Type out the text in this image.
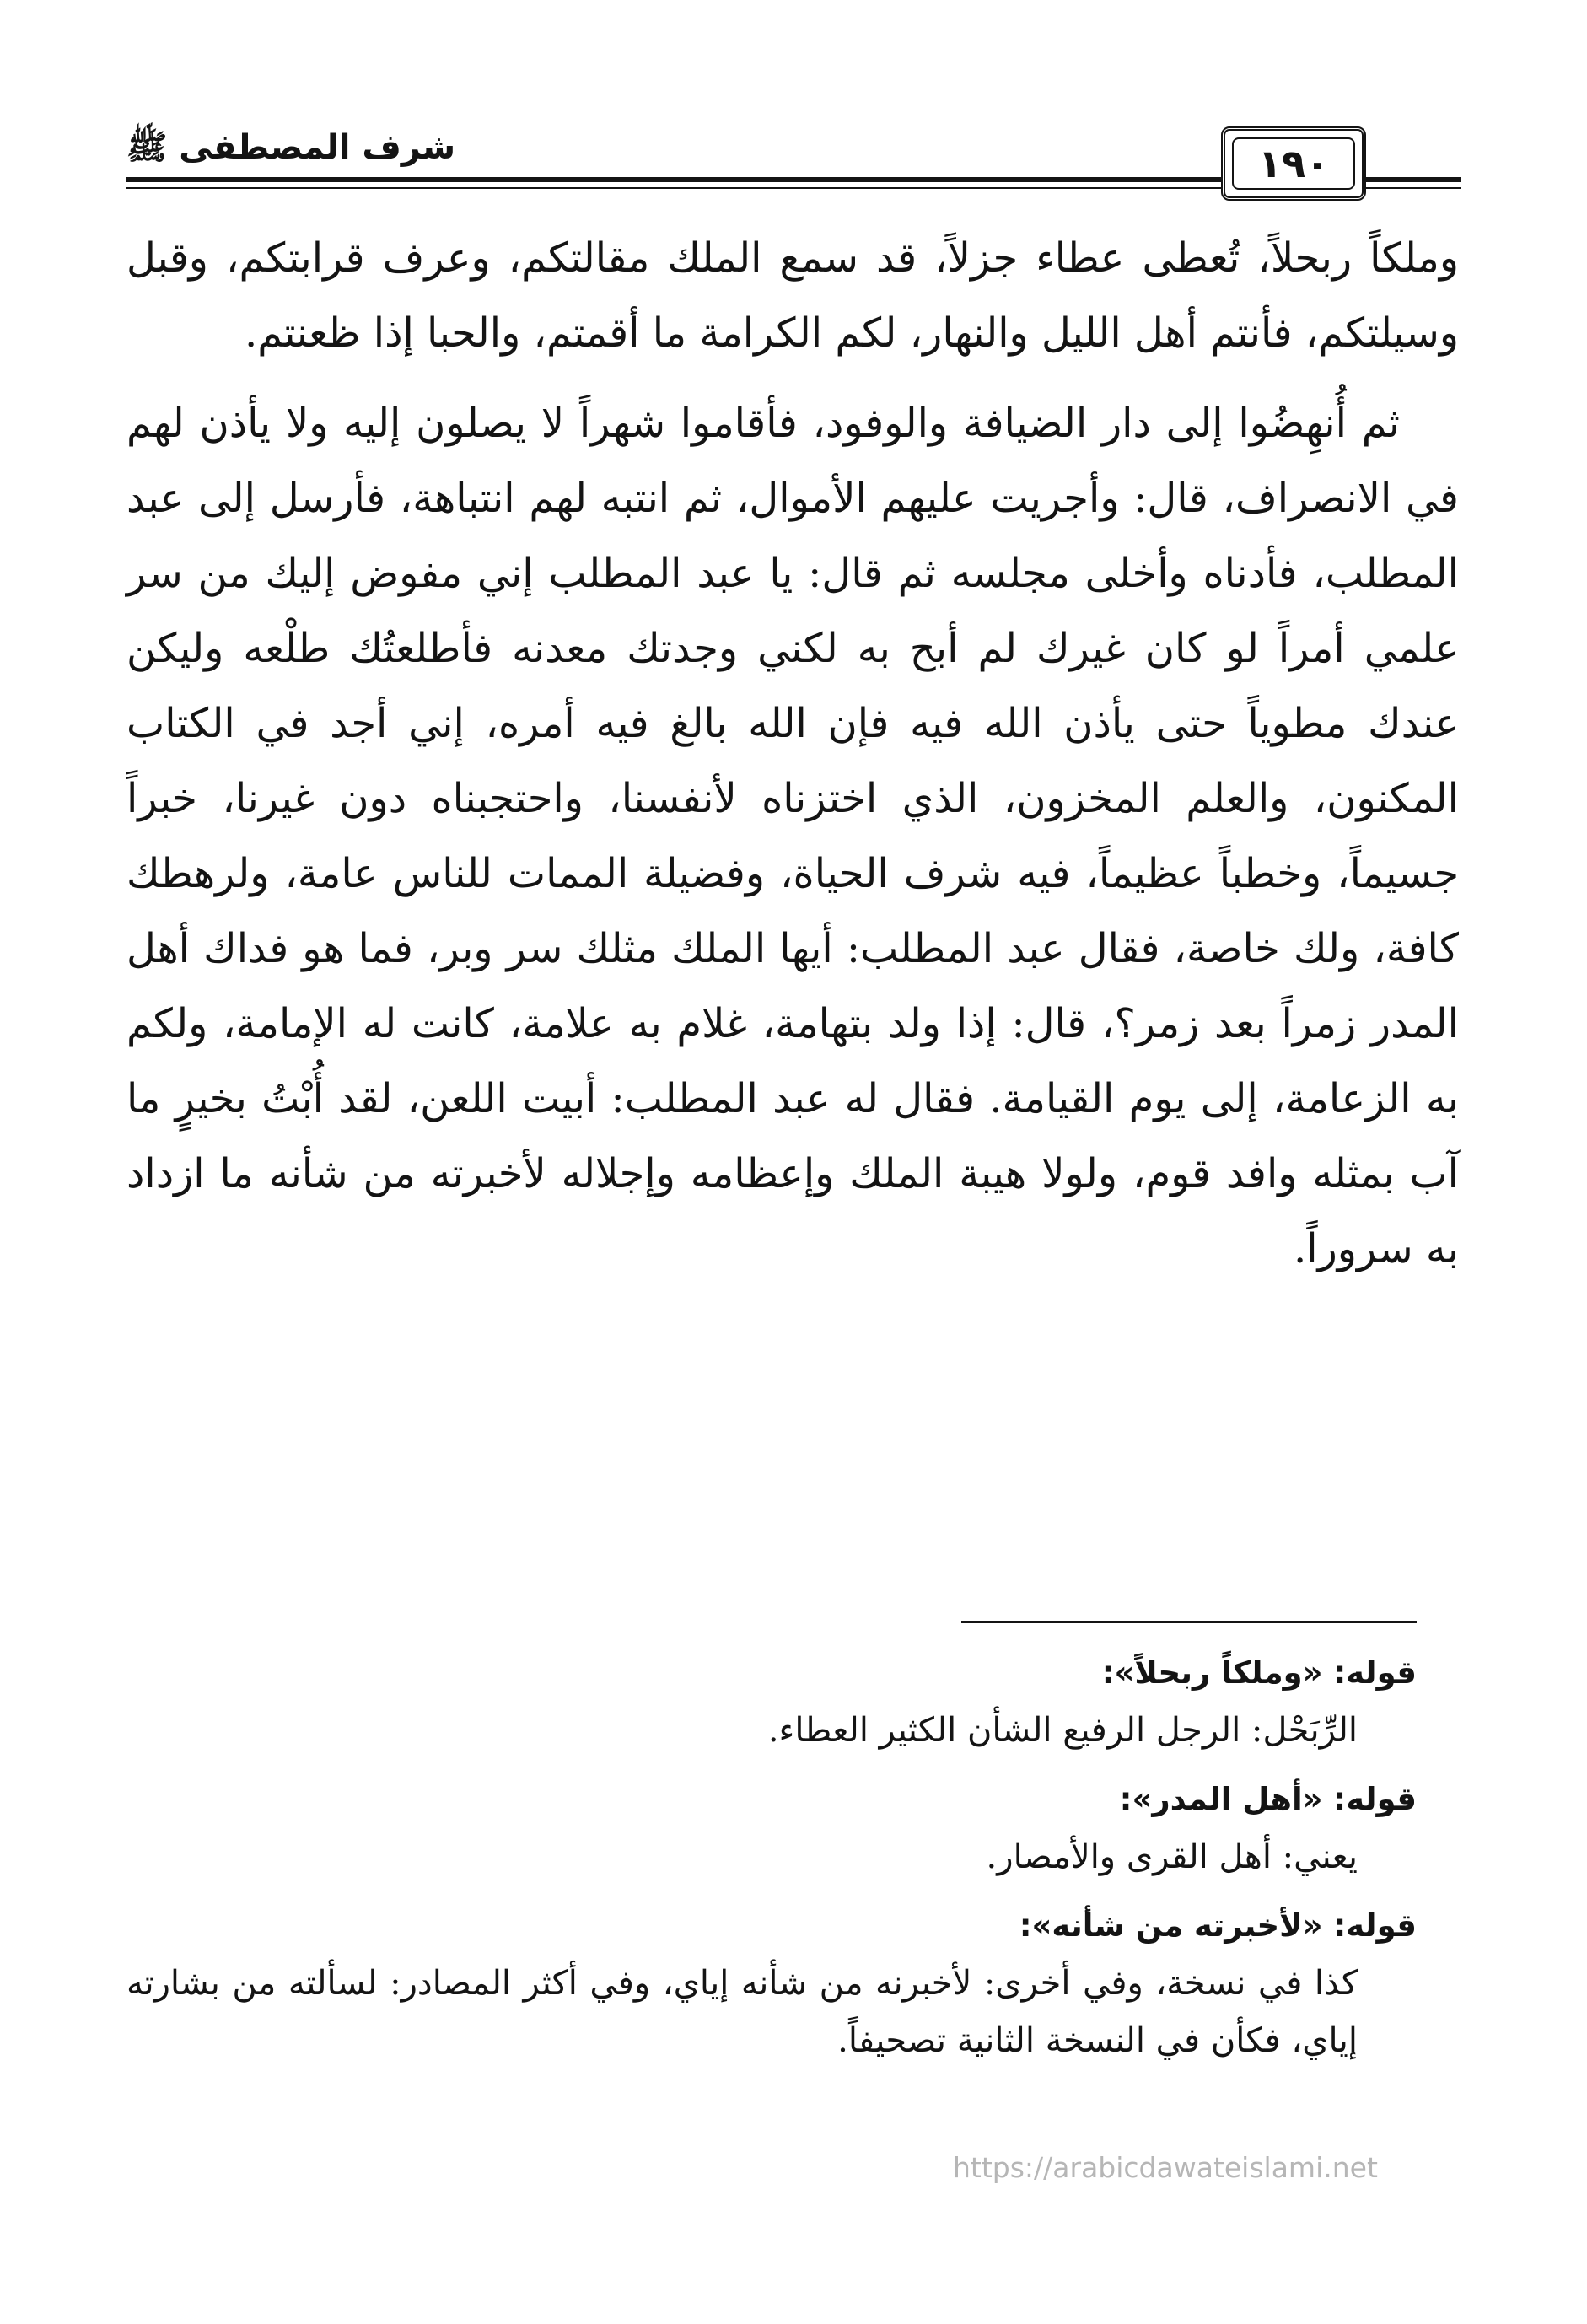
شرف المصطفى ﷺ	١٩٠

وملكاً ربحلاً، تُعطى عطاء جزلاً، قد سمع الملك مقالتكم، وعرف قرابتكم، وقبل وسيلتكم، فأنتم أهل الليل والنهار، لكم الكرامة ما أقمتم، والحبا إذا ظعنتم.

ثم أُنهِضُوا إلى دار الضيافة والوفود، فأقاموا شهراً لا يصلون إليه ولا يأذن لهم في الانصراف، قال: وأجريت عليهم الأموال، ثم انتبه لهم انتباهة، فأرسل إلى عبد المطلب، فأدناه وأخلى مجلسه ثم قال: يا عبد المطلب إني مفوض إليك من سر علمي أمراً لو كان غيرك لم أبح به لكني وجدتك معدنه فأطلعتُك طلْعه وليكن عندك مطوياً حتى يأذن الله فيه فإن الله بالغ فيه أمره، إني أجد في الكتاب المكنون، والعلم المخزون، الذي اختزناه لأنفسنا، واحتجبناه دون غيرنا، خبراً جسيماً، وخطباً عظيماً، فيه شرف الحياة، وفضيلة الممات للناس عامة، ولرهطك كافة، ولك خاصة، فقال عبد المطلب: أيها الملك مثلك سر وبر، فما هو فداك أهل المدر زمراً بعد زمر؟، قال: إذا ولد بتهامة، غلام به علامة، كانت له الإمامة، ولكم به الزعامة، إلى يوم القيامة. فقال له عبد المطلب: أبيت اللعن، لقد أُبْتُ بخيرٍ ما آب بمثله وافد قوم، ولولا هيبة الملك وإعظامه وإجلاله لأخبرته من شأنه ما ازداد به سروراً.

قوله: «وملكاً ربحلاً»:

الرِّبَحْل: الرجل الرفيع الشأن الكثير العطاء.

قوله: «أهل المدر»:

يعني: أهل القرى والأمصار.

قوله: «لأخبرته من شأنه»:

كذا في نسخة، وفي أخرى: لأخبرنه من شأنه إياي، وفي أكثر المصادر: لسألته من بشارته إياي، فكأن في النسخة الثانية تصحيفاً.

https://arabicdawateislami.net
